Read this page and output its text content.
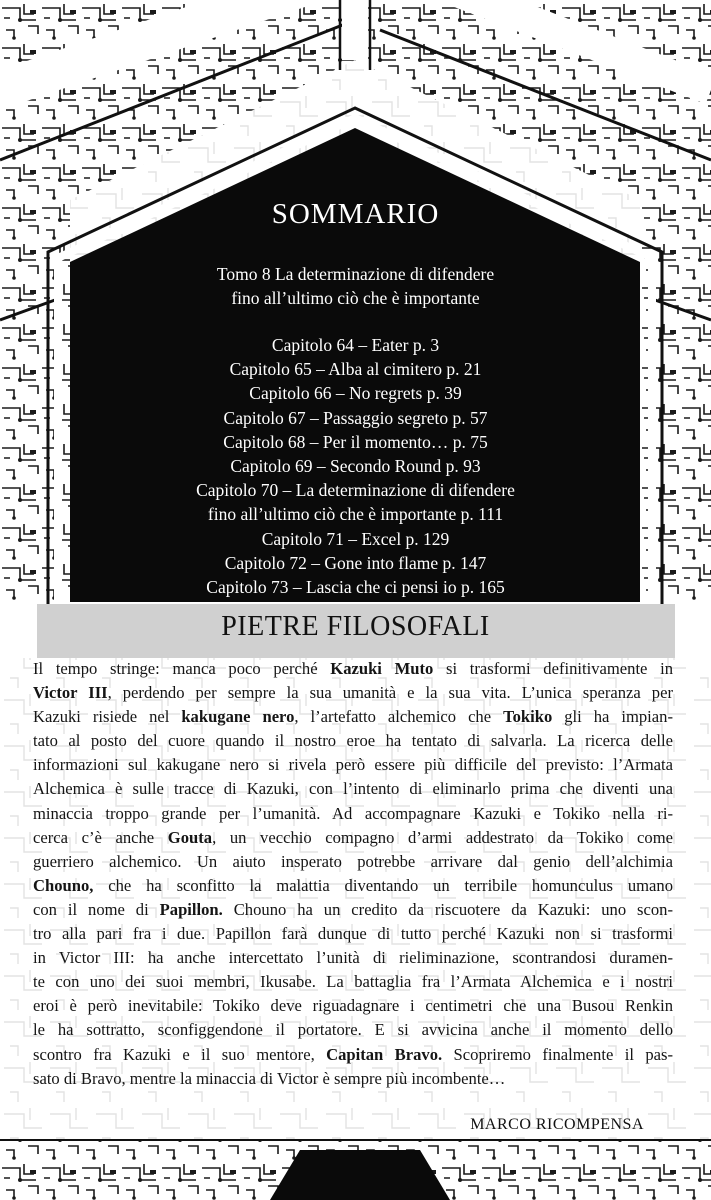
SOMMARIO
Tomo 8 La determinazione di difendere
fino all’ultimo ciò che è importante
Capitolo 64 – Eater p. 3
Capitolo 65 – Alba al cimitero p. 21
Capitolo 66 – No regrets p. 39
Capitolo 67 – Passaggio segreto p. 57
Capitolo 68 – Per il momento… p. 75
Capitolo 69 – Secondo Round p. 93
Capitolo 70 – La determinazione di difendere
fino all’ultimo ciò che è importante p. 111
Capitolo 71 – Excel p. 129
Capitolo 72 – Gone into flame p. 147
Capitolo 73 – Lascia che ci pensi io p. 165
PIETRE FILOSOFALI
Il tempo stringe: manca poco perché Kazuki Muto si trasformi definitivamente in
Victor III, perdendo per sempre la sua umanità e la sua vita. L’unica speranza per
Kazuki risiede nel kakugane nero, l’artefatto alchemico che Tokiko gli ha impian-
tato al posto del cuore quando il nostro eroe ha tentato di salvarla. La ricerca delle
informazioni sul kakugane nero si rivela però essere più difficile del previsto: l’Armata
Alchemica è sulle tracce di Kazuki, con l’intento di eliminarlo prima che diventi una
minaccia troppo grande per l’umanità. Ad accompagnare Kazuki e Tokiko nella ri-
cerca c’è anche Gouta, un vecchio compagno d’armi addestrato da Tokiko come
guerriero alchemico. Un aiuto insperato potrebbe arrivare dal genio dell’alchimia
Chouno, che ha sconfitto la malattia diventando un terribile homunculus umano
con il nome di Papillon. Chouno ha un credito da riscuotere da Kazuki: uno scon-
tro alla pari fra i due. Papillon farà dunque di tutto perché Kazuki non si trasformi
in Victor III: ha anche intercettato l’unità di rieliminazione, scontrandosi duramen-
te con uno dei suoi membri, Ikusabe. La battaglia fra l’Armata Alchemica e i nostri
eroi è però inevitabile: Tokiko deve riguadagnare i centimetri che una Busou Renkin
le ha sottratto, sconfiggendone il portatore. E si avvicina anche il momento dello
scontro fra Kazuki e il suo mentore, Capitan Bravo. Scopriremo finalmente il pas-
sato di Bravo, mentre la minaccia di Victor è sempre più incombente…
MARCO RICOMPENSA
